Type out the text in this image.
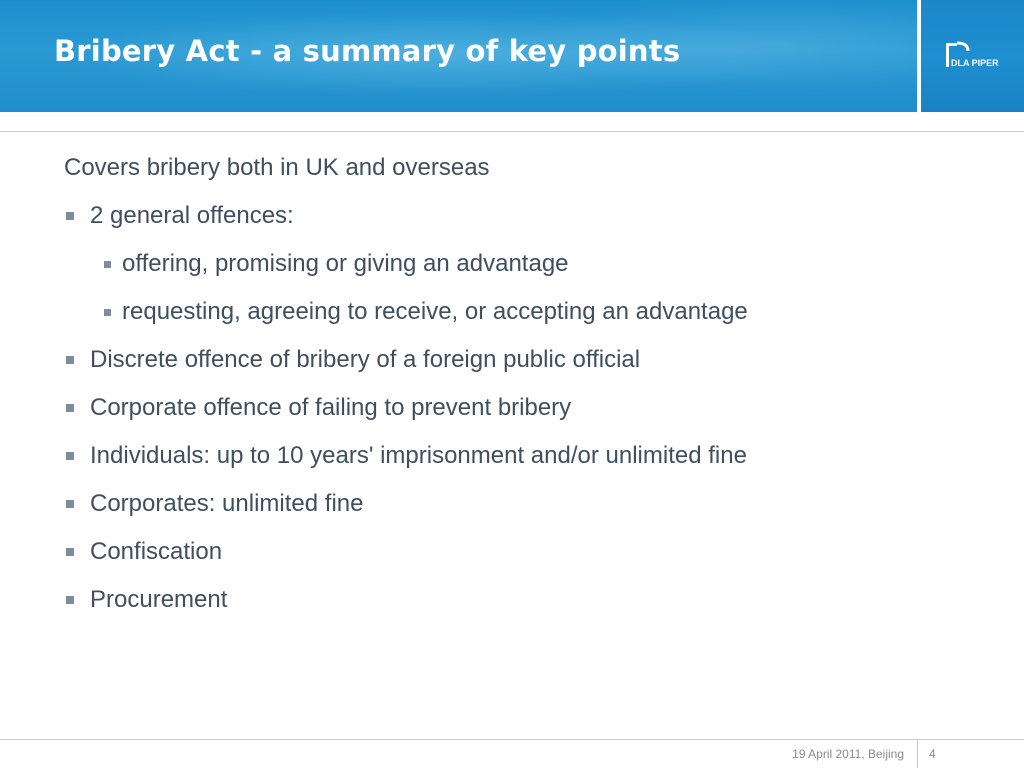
Bribery Act - a summary of key points	DLA PIPER
Covers bribery both in UK and overseas
2 general offences:
offering, promising or giving an advantage
requesting, agreeing to receive, or accepting an advantage
Discrete offence of bribery of a foreign public official
Corporate offence of failing to prevent bribery
Individuals: up to 10 years' imprisonment and/or unlimited fine
Corporates: unlimited fine
Confiscation
Procurement
19 April 2011, Beijing 4
